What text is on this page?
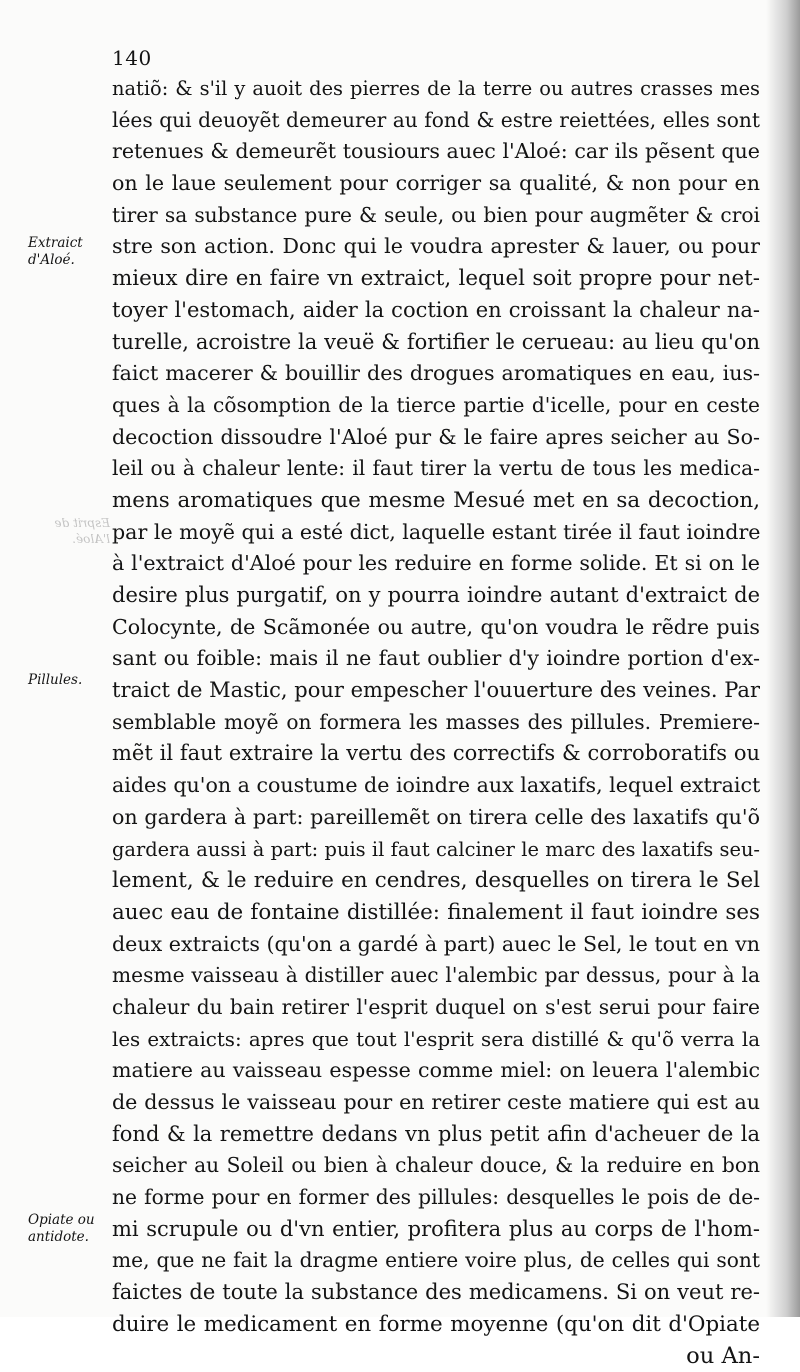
140
Extraict
d'Aloé.
Esprit de
l'Aloé.
Pillules.
Opiate ou
antidote.
natiõ: & s'il y auoit des pierres de la terre ou autres crasses mes
lées qui deuoyẽt demeurer au fond & estre reiettées, elles sont
retenues & demeurẽt tousiours auec l'Aloé: car ils pẽsent que
on le laue seulement pour corriger sa qualité, & non pour en
tirer sa substance pure & seule, ou bien pour augmẽter & croi
stre son action. Donc qui le voudra aprester & lauer, ou pour
mieux dire en faire vn extraict, lequel soit propre pour net-
toyer l'estomach, aider la coction en croissant la chaleur na-
turelle, acroistre la veuë & fortifier le cerueau: au lieu qu'on
faict macerer & bouillir des drogues aromatiques en eau, ius-
ques à la cõsomption de la tierce partie d'icelle, pour en ceste
decoction dissoudre l'Aloé pur & le faire apres seicher au So-
leil ou à chaleur lente: il faut tirer la vertu de tous les medica-
mens aromatiques que mesme Mesué met en sa decoction,
par le moyẽ qui a esté dict, laquelle estant tirée il faut ioindre
à l'extraict d'Aloé pour les reduire en forme solide. Et si on le
desire plus purgatif, on y pourra ioindre autant d'extraict de
Colocynte, de Scãmonée ou autre, qu'on voudra le rẽdre puis
sant ou foible: mais il ne faut oublier d'y ioindre portion d'ex-
traict de Mastic, pour empescher l'ouuerture des veines. Par
semblable moyẽ on formera les masses des pillules. Premiere-
mẽt il faut extraire la vertu des correctifs & corroboratifs ou
aides qu'on a coustume de ioindre aux laxatifs, lequel extraict
on gardera à part: pareillemẽt on tirera celle des laxatifs qu'õ
gardera aussi à part: puis il faut calciner le marc des laxatifs seu-
lement, & le reduire en cendres, desquelles on tirera le Sel
auec eau de fontaine distillée: finalement il faut ioindre ses
deux extraicts (qu'on a gardé à part) auec le Sel, le tout en vn
mesme vaisseau à distiller auec l'alembic par dessus, pour à la
chaleur du bain retirer l'esprit duquel on s'est serui pour faire
les extraicts: apres que tout l'esprit sera distillé & qu'õ verra la
matiere au vaisseau espesse comme miel: on leuera l'alembic
de dessus le vaisseau pour en retirer ceste matiere qui est au
fond & la remettre dedans vn plus petit afin d'acheuer de la
seicher au Soleil ou bien à chaleur douce, & la reduire en bon
ne forme pour en former des pillules: desquelles le pois de de-
mi scrupule ou d'vn entier, profitera plus au corps de l'hom-
me, que ne fait la dragme entiere voire plus, de celles qui sont
faictes de toute la substance des medicamens. Si on veut re-
duire le medicament en forme moyenne (qu'on dit d'Opiate
ou An-
